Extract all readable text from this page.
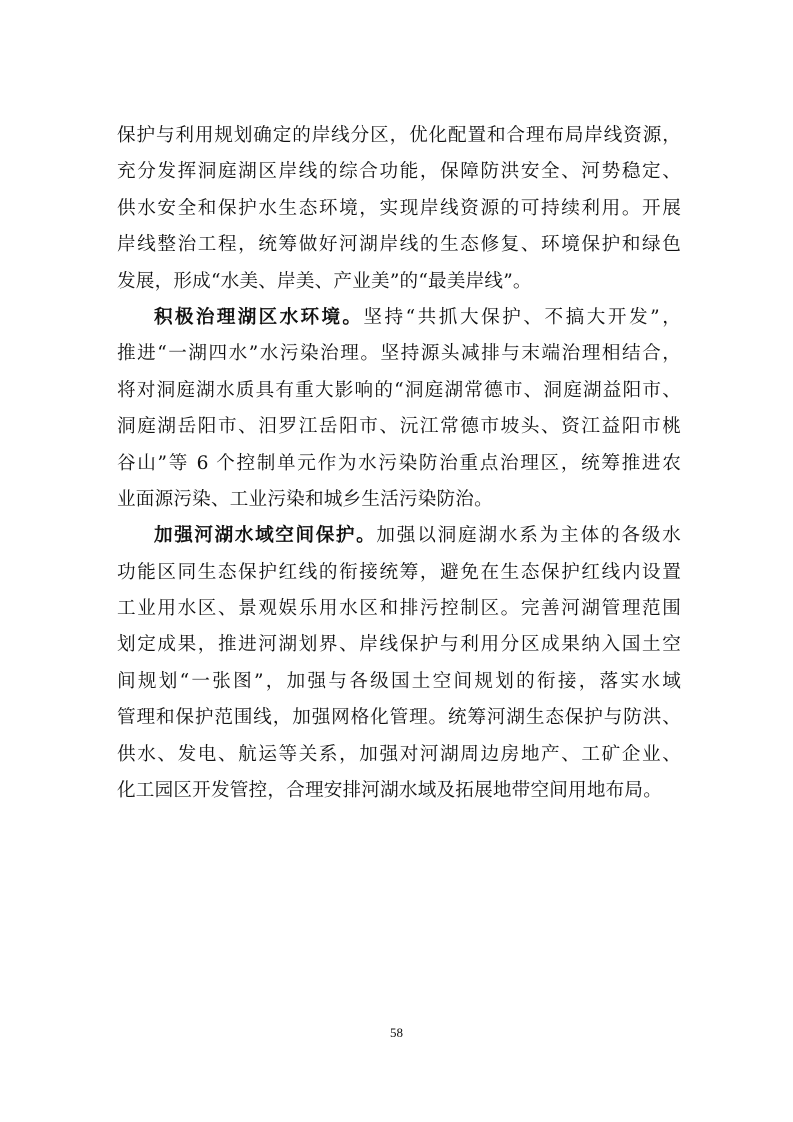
保护与利用规划确定的岸线分区，优化配置和合理布局岸线资源，
充分发挥洞庭湖区岸线的综合功能，保障防洪安全、河势稳定、
供水安全和保护水生态环境，实现岸线资源的可持续利用。开展
岸线整治工程，统筹做好河湖岸线的生态修复、环境保护和绿色
发展，形成“水美、岸美、产业美”的“最美岸线”。
积极治理湖区水环境。坚持“共抓大保护、不搞大开发”，
推进“一湖四水”水污染治理。坚持源头减排与末端治理相结合，
将对洞庭湖水质具有重大影响的“洞庭湖常德市、洞庭湖益阳市、
洞庭湖岳阳市、汨罗江岳阳市、沅江常德市坡头、资江益阳市桃
谷山”等 6 个控制单元作为水污染防治重点治理区，统筹推进农
业面源污染、工业污染和城乡生活污染防治。
加强河湖水域空间保护。加强以洞庭湖水系为主体的各级水
功能区同生态保护红线的衔接统筹，避免在生态保护红线内设置
工业用水区、景观娱乐用水区和排污控制区。完善河湖管理范围
划定成果，推进河湖划界、岸线保护与利用分区成果纳入国土空
间规划“一张图”，加强与各级国土空间规划的衔接，落实水域
管理和保护范围线，加强网格化管理。统筹河湖生态保护与防洪、
供水、发电、航运等关系，加强对河湖周边房地产、工矿企业、
化工园区开发管控，合理安排河湖水域及拓展地带空间用地布局。
58
